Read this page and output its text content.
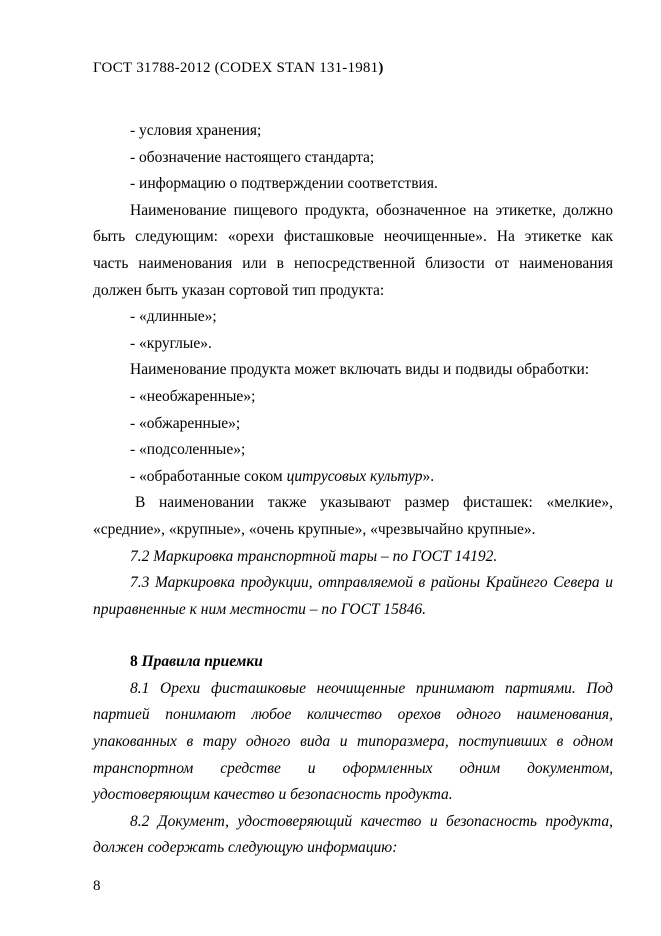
ГОСТ 31788-2012 (CODEX STAN 131-1981)

- условия хранения;

- обозначение настоящего стандарта;

- информацию о подтверждении соответствия.

Наименование пищевого продукта, обозначенное на этикетке, должно

быть следующим: «орехи фисташковые неочищенные». На этикетке как

часть наименования или в непосредственной близости от наименования

должен быть указан сортовой тип продукта:

- «длинные»;

- «круглые».

Наименование продукта может включать виды и подвиды обработки:

- «необжаренные»;

- «обжаренные»;

- «подсоленные»;

- «обработанные соком цитрусовых культур».

В наименовании также указывают размер фисташек: «мелкие»,

«средние», «крупные», «очень крупные», «чрезвычайно крупные».

7.2 Маркировка транспортной тары – по ГОСТ 14192.

7.3 Маркировка продукции, отправляемой в районы Крайнего Севера и

приравненные к ним местности – по ГОСТ 15846.

8 Правила приемки

8.1 Орехи фисташковые неочищенные принимают партиями. Под

партией понимают любое количество орехов одного наименования,

упакованных в тару одного вида и типоразмера, поступивших в одном

транспортном средстве и оформленных одним документом,

удостоверяющим качество и безопасность продукта.

8.2 Документ, удостоверяющий качество и безопасность продукта,

должен содержать следующую информацию:

8
